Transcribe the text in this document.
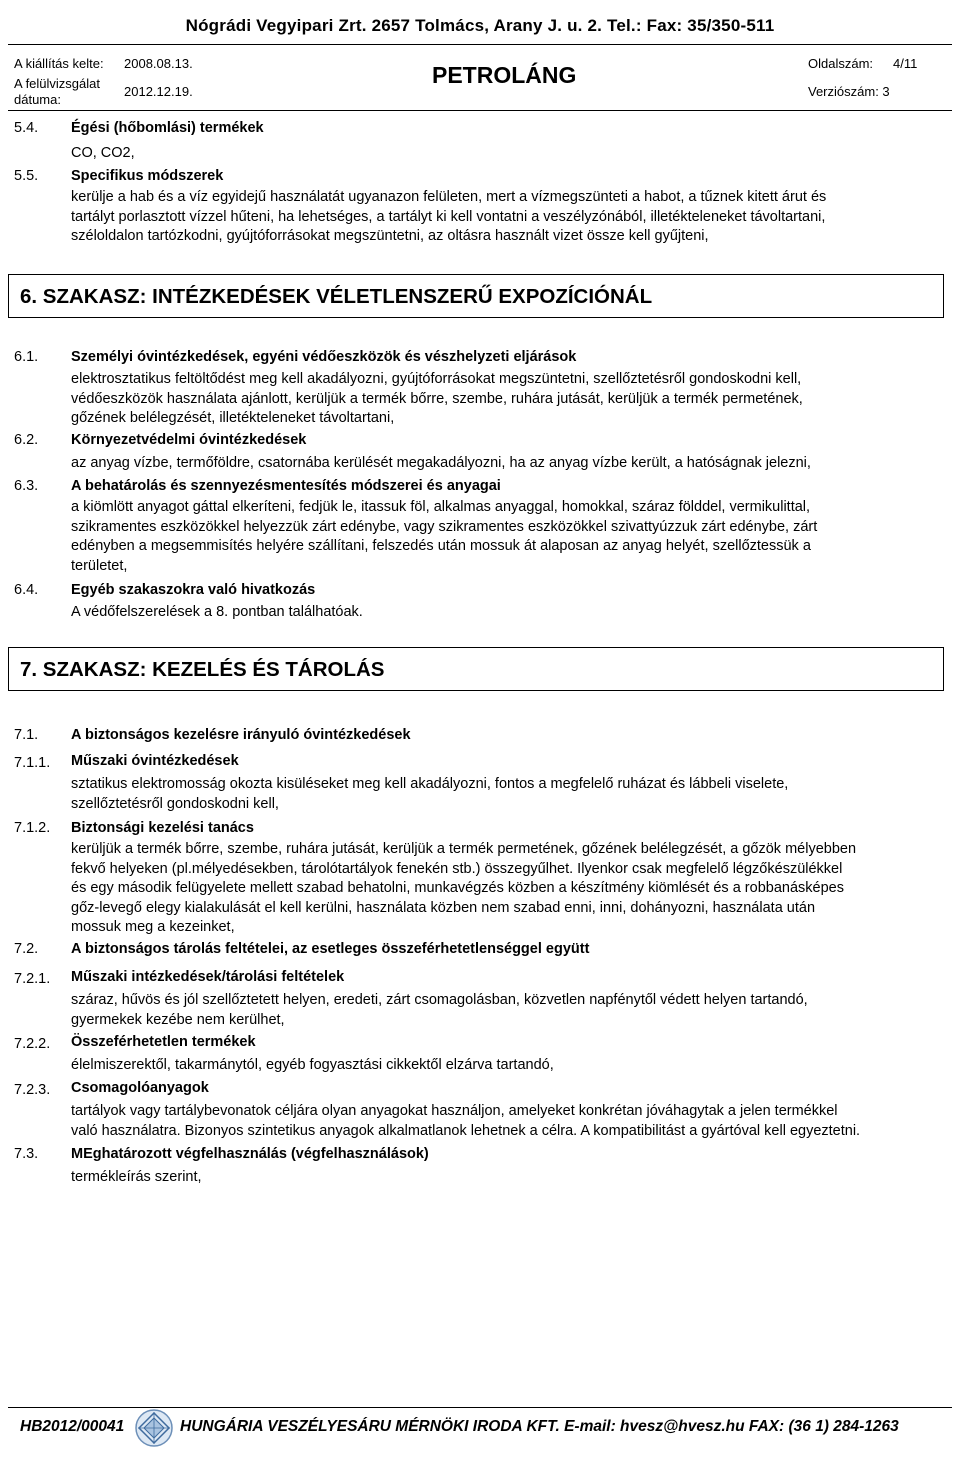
Nógrádi Vegyipari Zrt. 2657 Tolmács, Arany J. u. 2. Tel.: Fax: 35/350-511
A kiállítás kelte: 2008.08.13.
A felülvizsgálat
dátuma:
2012.12.19.
PETROLÁNG	Oldalszám: 4/11
Verziószám: 3
5.4. Égési (hőbomlási) termékek
CO, CO2,
5.5. Specifikus módszerek
kerülje a hab és a víz egyidejű használatát ugyanazon felületen, mert a vízmegszünteti a habot, a tűznek kitett árut és
tartályt porlasztott vízzel hűteni, ha lehetséges, a tartályt ki kell vontatni a veszélyzónából, illetékteleneket távoltartani,
széloldalon tartózkodni, gyújtóforrásokat megszüntetni, az oltásra használt vizet össze kell gyűjteni,
6. SZAKASZ: INTÉZKEDÉSEK VÉLETLENSZERŰ EXPOZÍCIÓNÁL
6.1. Személyi óvintézkedések, egyéni védőeszközök és vészhelyzeti eljárások
elektrosztatikus feltöltődést meg kell akadályozni, gyújtóforrásokat megszüntetni, szellőztetésről gondoskodni kell,
védőeszközök használata ajánlott, kerüljük a termék bőrre, szembe, ruhára jutását, kerüljük a termék permetének,
gőzének belélegzését, illetékteleneket távoltartani,
6.2. Környezetvédelmi óvintézkedések
az anyag vízbe, termőföldre, csatornába kerülését megakadályozni, ha az anyag vízbe került, a hatóságnak jelezni,
6.3. A behatárolás és szennyezésmentesítés módszerei és anyagai
a kiömlött anyagot gáttal elkeríteni, fedjük le, itassuk föl, alkalmas anyaggal, homokkal, száraz földdel, vermikulittal,
szikramentes eszközökkel helyezzük zárt edénybe, vagy szikramentes eszközökkel szivattyúzzuk zárt edénybe, zárt
edényben a megsemmisítés helyére szállítani, felszedés után mossuk át alaposan az anyag helyét, szellőztessük a
területet,
6.4. Egyéb szakaszokra való hivatkozás
A védőfelszerelések a 8. pontban találhatóak.
7. SZAKASZ: KEZELÉS ÉS TÁROLÁS
7.1. A biztonságos kezelésre irányuló óvintézkedések
7.1.1. Műszaki óvintézkedések
sztatikus elektromosság okozta kisüléseket meg kell akadályozni, fontos a megfelelő ruházat és lábbeli viselete,
szellőztetésről gondoskodni kell,
7.1.2. Biztonsági kezelési tanács
kerüljük a termék bőrre, szembe, ruhára jutását, kerüljük a termék permetének, gőzének belélegzését, a gőzök mélyebben
fekvő helyeken (pl.mélyedésekben, tárolótartályok fenekén stb.) összegyűlhet. Ilyenkor csak megfelelő légzőkészülékkel
és egy második felügyelete mellett szabad behatolni, munkavégzés közben a készítmény kiömlését és a robbanásképes
gőz-levegő elegy kialakulását el kell kerülni, használata közben nem szabad enni, inni, dohányozni, használata után
mossuk meg a kezeinket,
7.2. A biztonságos tárolás feltételei, az esetleges összeférhetetlenséggel együtt
7.2.1. Műszaki intézkedések/tárolási feltételek
száraz, hűvös és jól szellőztetett helyen, eredeti, zárt csomagolásban, közvetlen napfénytől védett helyen tartandó,
gyermekek kezébe nem kerülhet,
7.2.2. Összeférhetetlen termékek
élelmiszerektől, takarmánytól, egyéb fogyasztási cikkektől elzárva tartandó,
7.2.3. Csomagolóanyagok
tartályok vagy tartálybevonatok céljára olyan anyagokat használjon, amelyeket konkrétan jóváhagytak a jelen termékkel
való használatra. Bizonyos szintetikus anyagok alkalmatlanok lehetnek a célra. A kompatibilitást a gyártóval kell egyeztetni.
7.3. MEghatározott végfelhasználás (végfelhasználások)
termékleírás szerint,
HB2012/00041	HUNGÁRIA VESZÉLYESÁRU MÉRNÖKI IRODA KFT. E-mail: hvesz@hvesz.hu FAX: (36 1) 284-1263
